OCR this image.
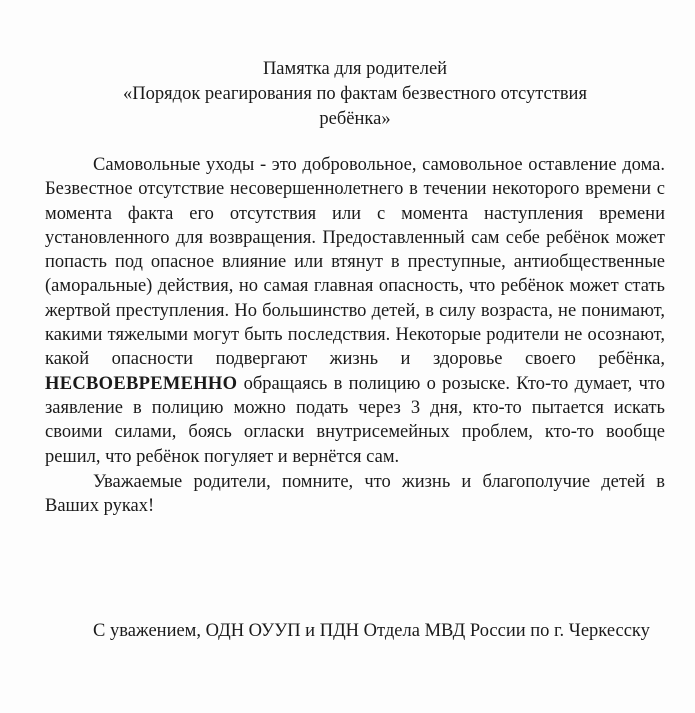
Памятка для родителей
«Порядок реагирования по фактам безвестного отсутствия
ребёнка»

Самовольные уходы - это добровольное, самовольное оставление дома. Безвестное отсутствие несовершеннолетнего в течении некоторого времени с момента факта его отсутствия или с момента наступления времени установленного для возвращения. Предоставленный сам себе ребёнок может попасть под опасное влияние или втянут в преступные, антиобщественные (аморальные) действия, но самая главная опасность, что ребёнок может стать жертвой преступления. Но большинство детей, в силу возраста, не понимают, какими тяжелыми могут быть последствия. Некоторые родители не осознают, какой опасности подвергают жизнь и здоровье своего ребёнка, НЕСВОЕВРЕМЕННО обращаясь в полицию о розыске. Кто-то думает, что заявление в полицию можно подать через 3 дня, кто-то пытается искать своими силами, боясь огласки внутрисемейных проблем, кто-то вообще решил, что ребёнок погуляет и вернётся сам.

Уважаемые родители, помните, что жизнь и благополучие детей в Ваших руках!

С уважением, ОДН ОУУП и ПДН Отдела МВД России по г. Черкесску
